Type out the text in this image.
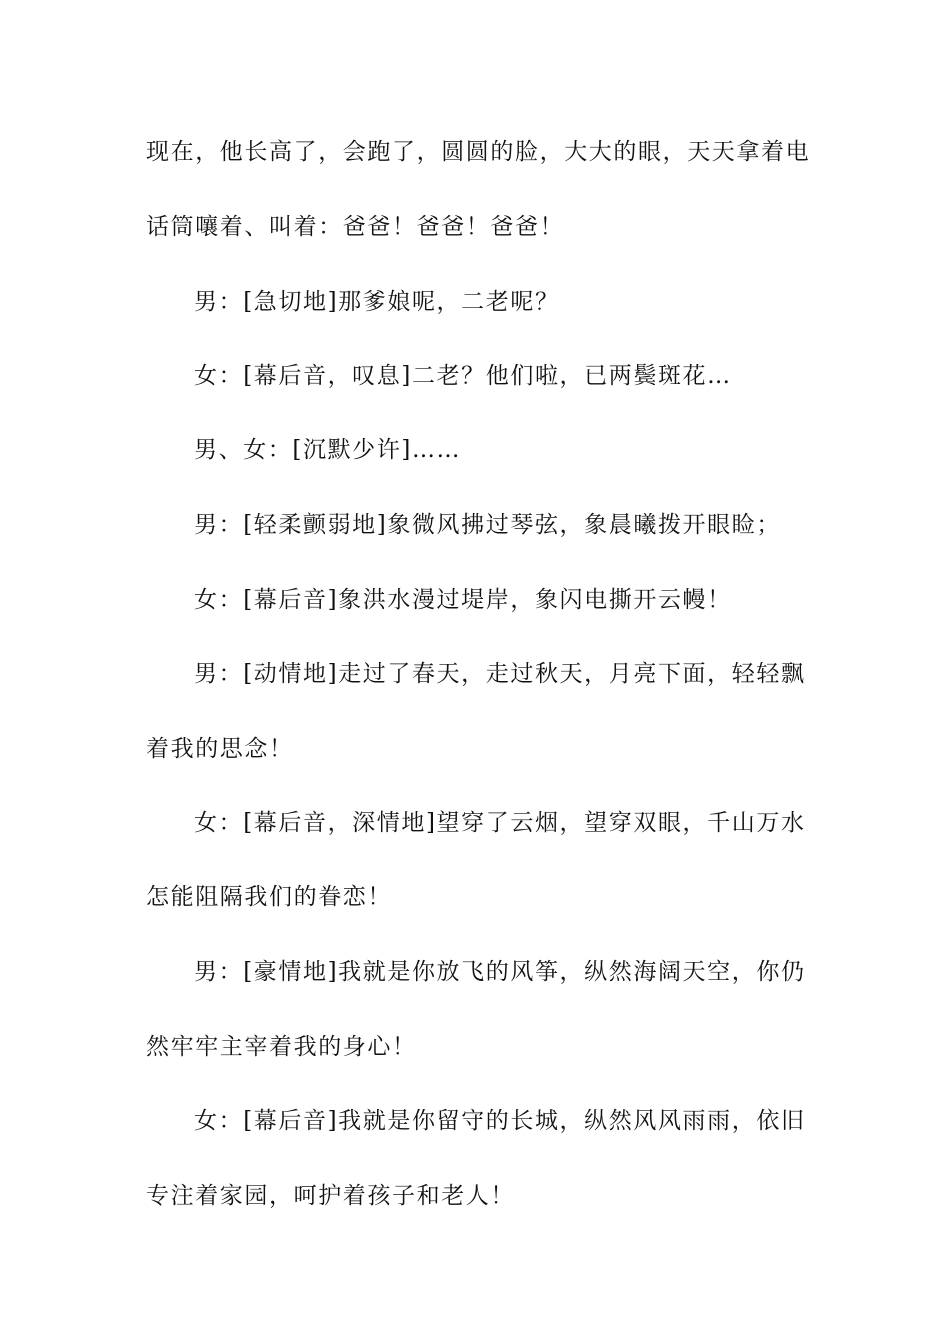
现在，他长高了，会跑了，圆圆的脸，大大的眼，天天拿着电
话筒嚷着、叫着：爸爸！爸爸！爸爸！
男：[急切地]那爹娘呢，二老呢？
女：[幕后音，叹息]二老？他们啦，已两鬓斑花…
男、女：[沉默少许]……
男：[轻柔颤弱地]象微风拂过琴弦，象晨曦拨开眼睑；
女：[幕后音]象洪水漫过堤岸，象闪电撕开云幔！
男：[动情地]走过了春天，走过秋天，月亮下面，轻轻飘
着我的思念！
女：[幕后音，深情地]望穿了云烟，望穿双眼，千山万水
怎能阻隔我们的眷恋！
男：[豪情地]我就是你放飞的风筝，纵然海阔天空，你仍
然牢牢主宰着我的身心！
女：[幕后音]我就是你留守的长城，纵然风风雨雨，依旧
专注着家园，呵护着孩子和老人！
